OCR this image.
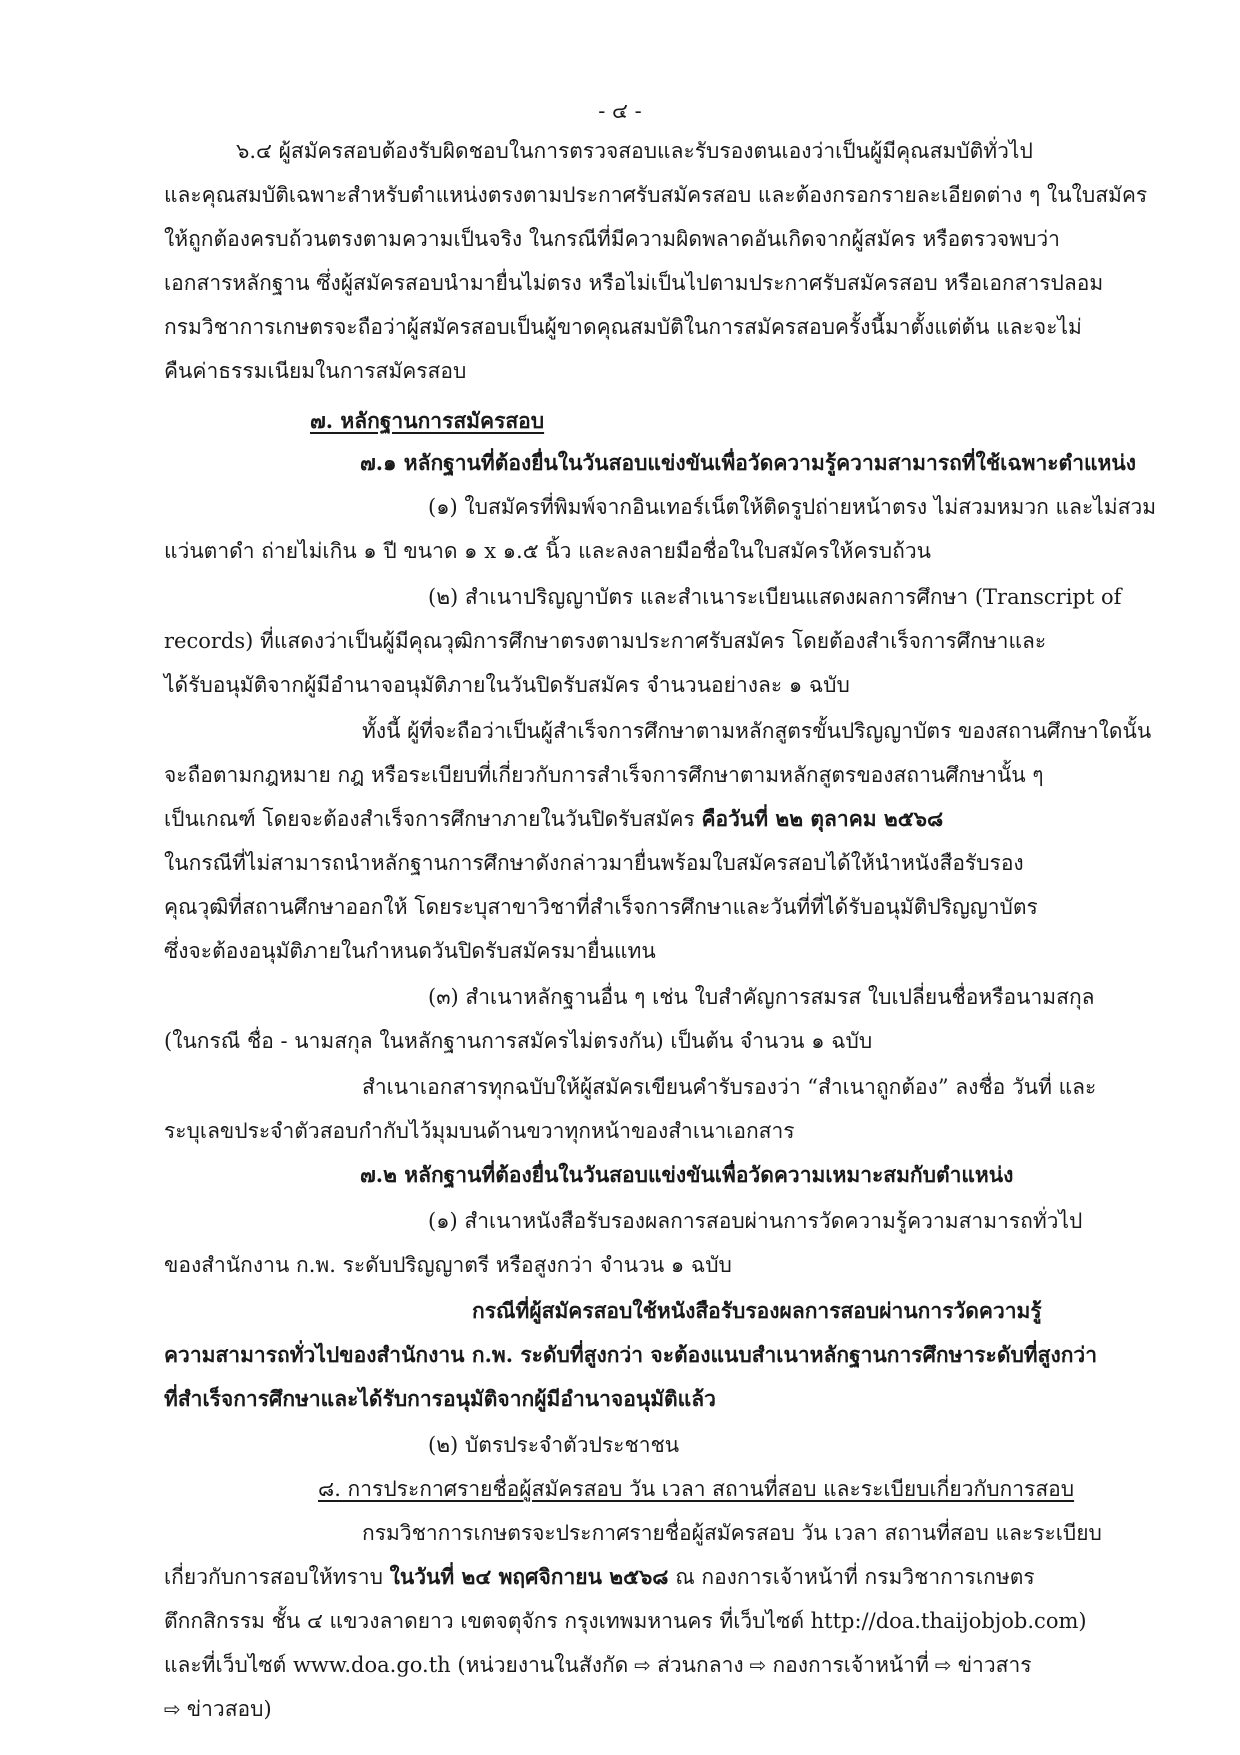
- ๔ -
๖.๔ ผู้สมัครสอบต้องรับผิดชอบในการตรวจสอบและรับรองตนเองว่าเป็นผู้มีคุณสมบัติทั่วไป
และคุณสมบัติเฉพาะสำหรับตำแหน่งตรงตามประกาศรับสมัครสอบ และต้องกรอกรายละเอียดต่าง ๆ ในใบสมัคร
ให้ถูกต้องครบถ้วนตรงตามความเป็นจริง ในกรณีที่มีความผิดพลาดอันเกิดจากผู้สมัคร หรือตรวจพบว่า
เอกสารหลักฐาน ซึ่งผู้สมัครสอบนำมายื่นไม่ตรง หรือไม่เป็นไปตามประกาศรับสมัครสอบ หรือเอกสารปลอม
กรมวิชาการเกษตรจะถือว่าผู้สมัครสอบเป็นผู้ขาดคุณสมบัติในการสมัครสอบครั้งนี้มาตั้งแต่ต้น และจะไม่
คืนค่าธรรมเนียมในการสมัครสอบ
๗. หลักฐานการสมัครสอบ
๗.๑ หลักฐานที่ต้องยื่นในวันสอบแข่งขันเพื่อวัดความรู้ความสามารถที่ใช้เฉพาะตำแหน่ง
(๑) ใบสมัครที่พิมพ์จากอินเทอร์เน็ตให้ติดรูปถ่ายหน้าตรง ไม่สวมหมวก และไม่สวม
แว่นตาดำ ถ่ายไม่เกิน ๑ ปี ขนาด ๑ x ๑.๕ นิ้ว และลงลายมือชื่อในใบสมัครให้ครบถ้วน
(๒) สำเนาปริญญาบัตร และสำเนาระเบียนแสดงผลการศึกษา (Transcript of
records) ที่แสดงว่าเป็นผู้มีคุณวุฒิการศึกษาตรงตามประกาศรับสมัคร โดยต้องสำเร็จการศึกษาและ
ได้รับอนุมัติจากผู้มีอำนาจอนุมัติภายในวันปิดรับสมัคร จำนวนอย่างละ ๑ ฉบับ
ทั้งนี้ ผู้ที่จะถือว่าเป็นผู้สำเร็จการศึกษาตามหลักสูตรขั้นปริญญาบัตร ของสถานศึกษาใดนั้น
จะถือตามกฎหมาย กฎ หรือระเบียบที่เกี่ยวกับการสำเร็จการศึกษาตามหลักสูตรของสถานศึกษานั้น ๆ
เป็นเกณฑ์ โดยจะต้องสำเร็จการศึกษาภายในวันปิดรับสมัคร คือวันที่ ๒๒ ตุลาคม ๒๕๖๘
ในกรณีที่ไม่สามารถนำหลักฐานการศึกษาดังกล่าวมายื่นพร้อมใบสมัครสอบได้ให้นำหนังสือรับรอง
คุณวุฒิที่สถานศึกษาออกให้ โดยระบุสาขาวิชาที่สำเร็จการศึกษาและวันที่ที่ได้รับอนุมัติปริญญาบัตร
ซึ่งจะต้องอนุมัติภายในกำหนดวันปิดรับสมัครมายื่นแทน
(๓) สำเนาหลักฐานอื่น ๆ เช่น ใบสำคัญการสมรส ใบเปลี่ยนชื่อหรือนามสกุล
(ในกรณี ชื่อ - นามสกุล ในหลักฐานการสมัครไม่ตรงกัน) เป็นต้น จำนวน ๑ ฉบับ
สำเนาเอกสารทุกฉบับให้ผู้สมัครเขียนคำรับรองว่า “สำเนาถูกต้อง” ลงชื่อ วันที่ และ
ระบุเลขประจำตัวสอบกำกับไว้มุมบนด้านขวาทุกหน้าของสำเนาเอกสาร
๗.๒ หลักฐานที่ต้องยื่นในวันสอบแข่งขันเพื่อวัดความเหมาะสมกับตำแหน่ง
(๑) สำเนาหนังสือรับรองผลการสอบผ่านการวัดความรู้ความสามารถทั่วไป
ของสำนักงาน ก.พ. ระดับปริญญาตรี หรือสูงกว่า จำนวน ๑ ฉบับ
กรณีที่ผู้สมัครสอบใช้หนังสือรับรองผลการสอบผ่านการวัดความรู้
ความสามารถทั่วไปของสำนักงาน ก.พ. ระดับที่สูงกว่า จะต้องแนบสำเนาหลักฐานการศึกษาระดับที่สูงกว่า
ที่สำเร็จการศึกษาและได้รับการอนุมัติจากผู้มีอำนาจอนุมัติแล้ว
(๒) บัตรประจำตัวประชาชน
๘. การประกาศรายชื่อผู้สมัครสอบ วัน เวลา สถานที่สอบ และระเบียบเกี่ยวกับการสอบ
กรมวิชาการเกษตรจะประกาศรายชื่อผู้สมัครสอบ วัน เวลา สถานที่สอบ และระเบียบ
เกี่ยวกับการสอบให้ทราบ ในวันที่ ๒๔ พฤศจิกายน ๒๕๖๘ ณ กองการเจ้าหน้าที่ กรมวิชาการเกษตร
ตึกกสิกรรม ชั้น ๔ แขวงลาดยาว เขตจตุจักร กรุงเทพมหานคร ที่เว็บไซต์ http://doa.thaijobjob.com)
และที่เว็บไซต์ www.doa.go.th (หน่วยงานในสังกัด ⇨ ส่วนกลาง ⇨ กองการเจ้าหน้าที่ ⇨ ข่าวสาร
⇨ ข่าวสอบ)
